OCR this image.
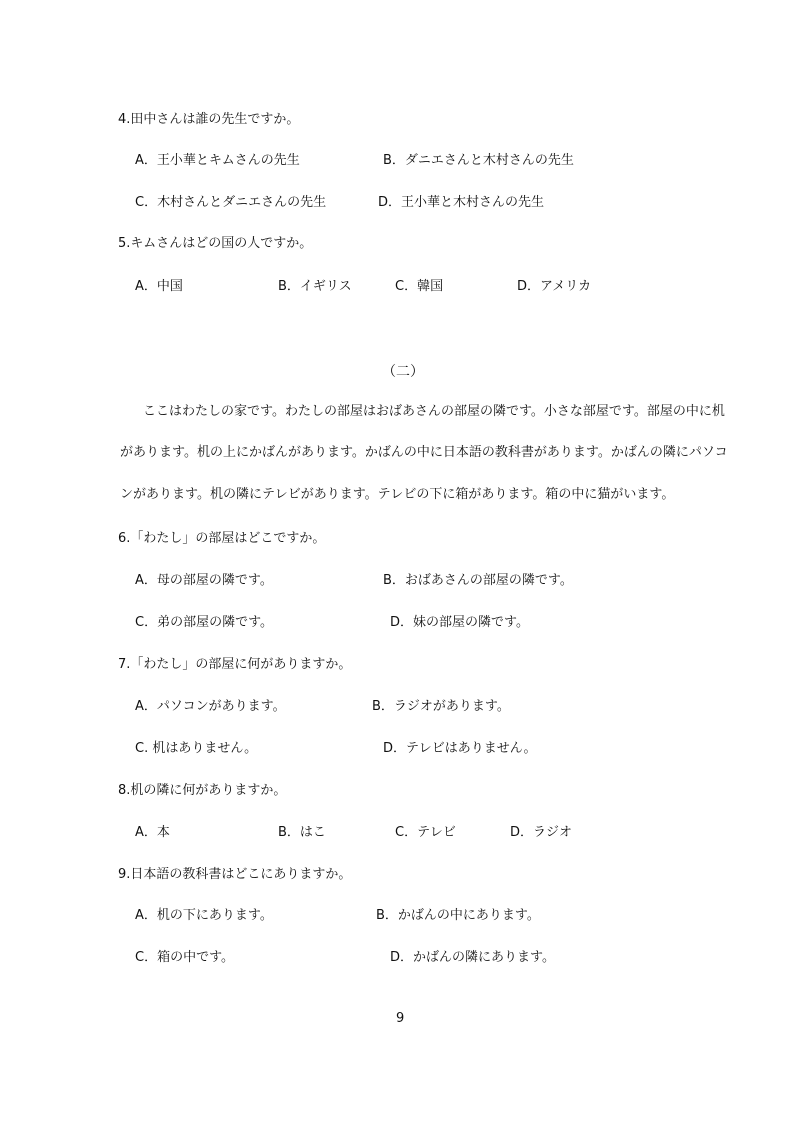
4.田中さんは誰の先生ですか。
A．王小華とキムさんの先生	B．ダニエさんと木村さんの先生
C．木村さんとダニエさんの先生	D．王小華と木村さんの先生
5.キムさんはどの国の人ですか。
A．中国	B．イギリス	C．韓国	D．アメリカ
（二）
ここはわたしの家です。わたしの部屋はおばあさんの部屋の隣です。小さな部屋です。部屋の中に机
があります。机の上にかばんがあります。かばんの中に日本語の教科書があります。かばんの隣にパソコ
ンがあります。机の隣にテレビがあります。テレビの下に箱があります。箱の中に猫がいます。
6.「わたし」の部屋はどこですか。
A．母の部屋の隣です。	B．おばあさんの部屋の隣です。
C．弟の部屋の隣です。	D．妹の部屋の隣です。
7.「わたし」の部屋に何がありますか。
A．パソコンがあります。	B．ラジオがあります。
C. 机はありません。	D．テレビはありません。
8.机の隣に何がありますか。
A．本	B．はこ	C．テレビ	D．ラジオ
9.日本語の教科書はどこにありますか。
A．机の下にあります。	B．かばんの中にあります。
C．箱の中です。	D．かばんの隣にあります。
9
